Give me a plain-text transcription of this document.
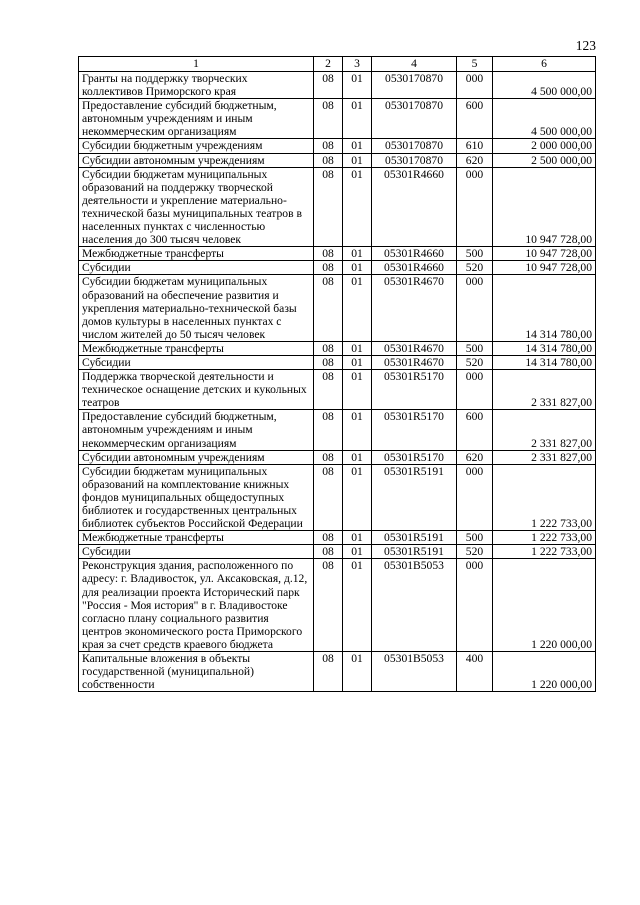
123
1	2	3	4	5	6
Гранты на поддержку творческих коллективов Приморского края	08	01	0530170870	000	4 500 000,00

Предоставление субсидий бюджетным, автономным учреждениям и иным некоммерческим организациям	08	01	0530170870	600	4 500 000,00

Субсидии бюджетным учреждениям	08	01	0530170870	610	2 000 000,00

Субсидии автономным учреждениям	08	01	0530170870	620	2 500 000,00

Субсидии бюджетам муниципальных образований на поддержку творческой деятельности и укрепление материально-технической базы муниципальных театров в населенных пунктах с численностью населения до 300 тысяч человек	08	01	05301R4660	000	10 947 728,00

Межбюджетные трансферты	08	01	05301R4660	500	10 947 728,00

Субсидии	08	01	05301R4660	520	10 947 728,00

Субсидии бюджетам муниципальных образований на обеспечение развития и укрепления материально-технической базы домов культуры в населенных пунктах с числом жителей до 50 тысяч человек	08	01	05301R4670	000	14 314 780,00

Межбюджетные трансферты	08	01	05301R4670	500	14 314 780,00

Субсидии	08	01	05301R4670	520	14 314 780,00

Поддержка творческой деятельности и техническое оснащение детских и кукольных театров	08	01	05301R5170	000	2 331 827,00

Предоставление субсидий бюджетным, автономным учреждениям и иным некоммерческим организациям	08	01	05301R5170	600	2 331 827,00

Субсидии автономным учреждениям	08	01	05301R5170	620	2 331 827,00

Субсидии бюджетам муниципальных образований на комплектование книжных фондов муниципальных общедоступных библиотек и государственных центральных библиотек субъектов Российской Федерации	08	01	05301R5191	000	1 222 733,00

Межбюджетные трансферты	08	01	05301R5191	500	1 222 733,00

Субсидии	08	01	05301R5191	520	1 222 733,00

Реконструкция здания, расположенного по адресу: г. Владивосток, ул. Аксаковская, д.12, для реализации проекта Исторический парк "Россия - Моя история" в г. Владивостоке согласно плану социального развития центров экономического роста Приморского края за счет средств краевого бюджета	08	01	05301В5053	000	1 220 000,00

Капитальные вложения в объекты государственной (муниципальной) собственности	08	01	05301В5053	400	1 220 000,00
